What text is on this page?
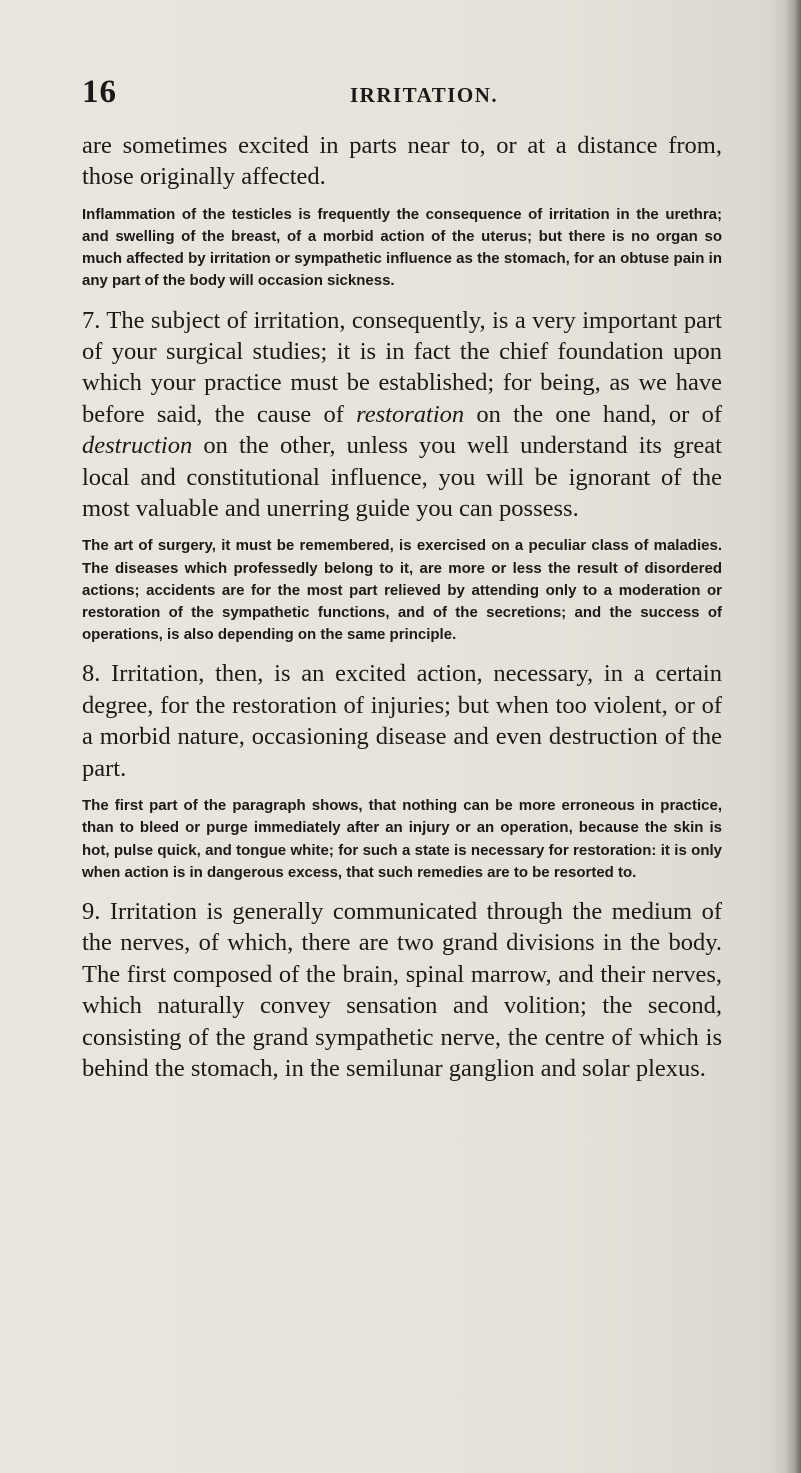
16	IRRITATION.

are sometimes excited in parts near to, or at a distance from, those originally affected.

Inflammation of the testicles is frequently the consequence of irritation in the urethra; and swelling of the breast, of a morbid action of the uterus; but there is no organ so much affected by irritation or sympathetic influence as the stomach, for an obtuse pain in any part of the body will occasion sickness.

7. The subject of irritation, consequently, is a very important part of your surgical studies; it is in fact the chief foundation upon which your practice must be established; for being, as we have before said, the cause of restoration on the one hand, or of destruction on the other, unless you well understand its great local and constitutional influence, you will be ignorant of the most valuable and unerring guide you can possess.

The art of surgery, it must be remembered, is exercised on a peculiar class of maladies. The diseases which professedly belong to it, are more or less the result of disordered actions; accidents are for the most part relieved by attending only to a moderation or restoration of the sympathetic functions, and of the secretions; and the success of operations, is also depending on the same principle.

8. Irritation, then, is an excited action, necessary, in a certain degree, for the restoration of injuries; but when too violent, or of a morbid nature, occasioning disease and even destruction of the part.

The first part of the paragraph shows, that nothing can be more erroneous in practice, than to bleed or purge immediately after an injury or an operation, because the skin is hot, pulse quick, and tongue white; for such a state is necessary for restoration: it is only when action is in dangerous excess, that such remedies are to be resorted to.

9. Irritation is generally communicated through the medium of the nerves, of which, there are two grand divisions in the body. The first composed of the brain, spinal marrow, and their nerves, which naturally convey sensation and volition; the second, consisting of the grand sympathetic nerve, the centre of which is behind the stomach, in the semilunar ganglion and solar plexus.
